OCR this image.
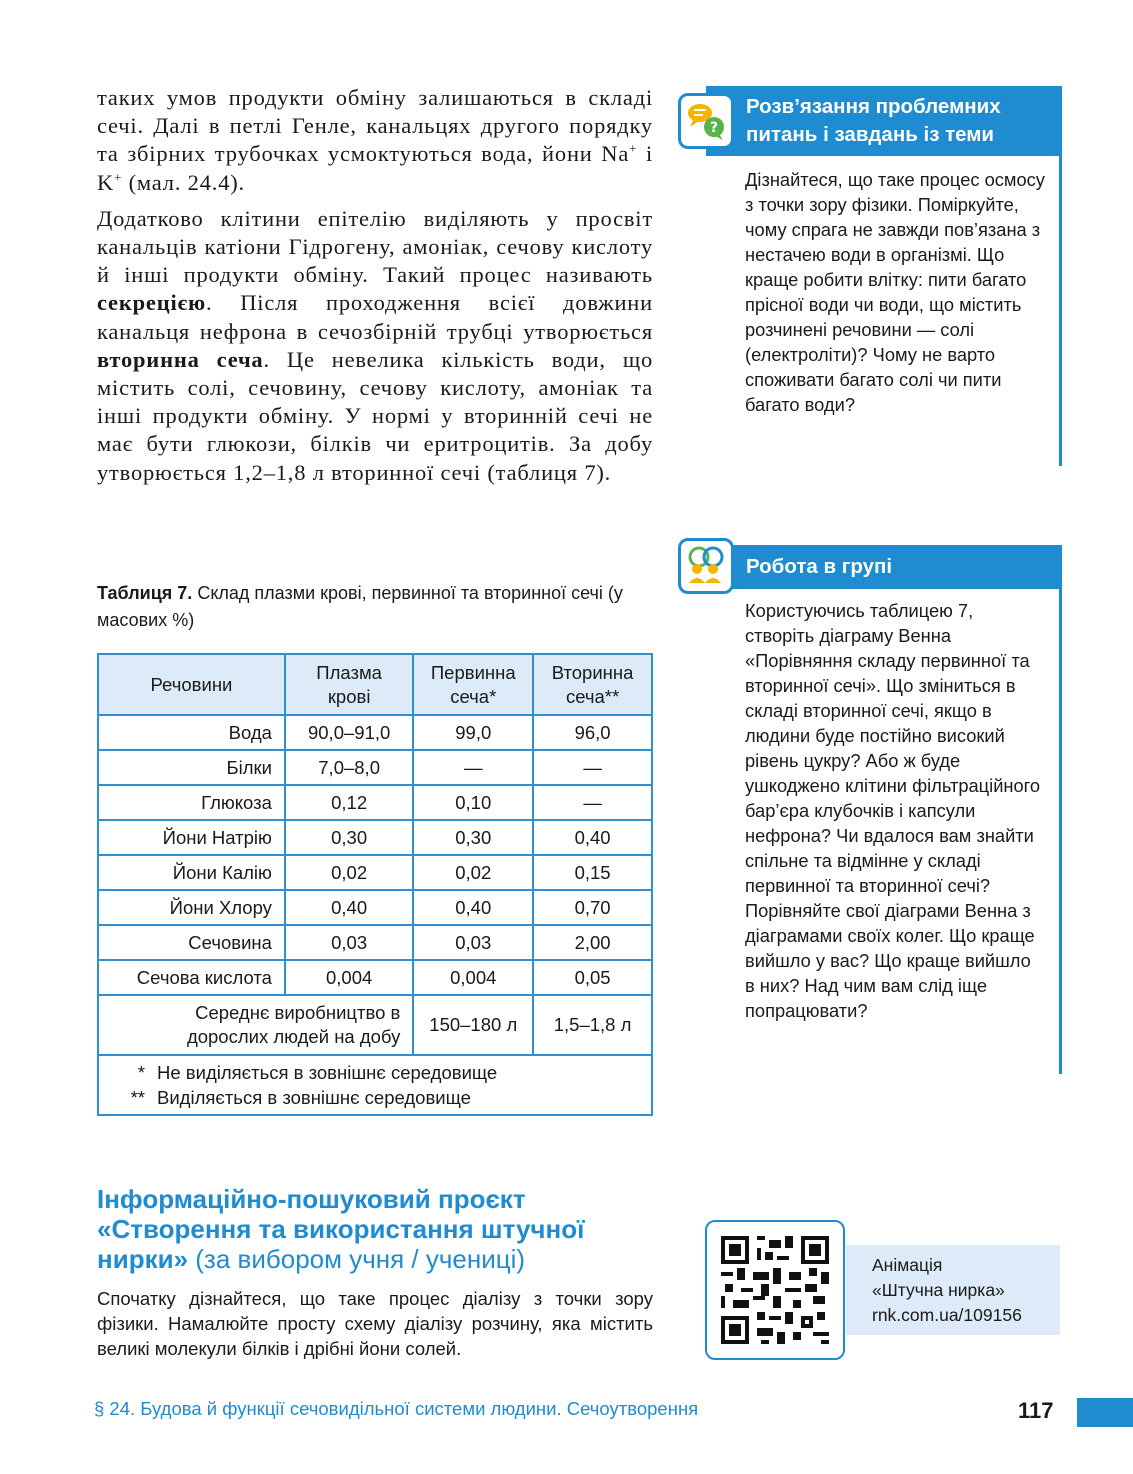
таких умов продукти обміну залишаються в складі сечі. Далі в петлі Генле, канальцях другого порядку та збірних трубочках усмоктуються вода, йони Na+ і K+ (мал. 24.4).

Додатково клітини епітелію виділяють у просвіт канальців катіони Гідрогену, амоніак, сечову кислоту й інші продукти обміну. Такий процес називають секрецією. Після проходження всієї довжини канальця нефрона в сечозбірній трубці утворюється вторинна сеча. Це невелика кількість води, що містить солі, сечовину, сечову кислоту, амоніак та інші продукти обміну. У нормі у вторинній сечі не має бути глюкози, білків чи еритроцитів. За добу утворюється 1,2–1,8 л вторинної сечі (таблиця 7).

Таблиця 7. Склад плазми крові, первинної та вторинної сечі (у масових %)
Речовини	Плазма крові	Первинна сеча*	Вторинна сеча**
Вода	90,0–91,0	99,0	96,0
Білки	7,0–8,0	—	—
Глюкоза	0,12	0,10	—
Йони Натрію	0,30	0,30	0,40
Йони Калію	0,02	0,02	0,15
Йони Хлору	0,40	0,40	0,70
Сечовина	0,03	0,03	2,00
Сечова кислота	0,004	0,004	0,05
Середнє виробництво в дорослих людей на добу		150–180 л	1,5–1,8 л

* Не виділяється в зовнішнє середовище
** Виділяється в зовнішнє середовище			
Розв’язання проблемних питань і завдань із теми
?
Дізнайтеся, що таке процес осмосу з точки зору фізики. Поміркуйте, чому спрага не завжди пов’язана з нестачею води в організмі. Що краще робити влітку: пити багато прісної води чи води, що містить розчинені речовини — солі (електроліти)? Чому не варто споживати багато солі чи пити багато води?
Робота в групі
Користуючись таблицею 7, створіть діаграму Венна «Порівняння складу первинної та вторинної сечі». Що зміниться в складі вторинної сечі, якщо в людини буде постійно високий рівень цукру? Або ж буде ушкоджено клітини фільтраційного бар’єра клубочків і капсули нефрона? Чи вдалося вам знайти спільне та відмінне у складі первинної та вторинної сечі? Порівняйте свої діаграми Венна з діаграмами своїх колег. Що краще вийшло у вас? Що краще вийшло в них? Над чим вам слід іще попрацювати?
Інформаційно-пошуковий проєкт «Створення та використання штучної нирки» (за вибором учня / учениці)
Спочатку дізнайтеся, що таке процес діалізу з точки зору фізики. Намалюйте просту схему діалізу розчину, яка містить великі молекули білків і дрібні йони солей.
Анімація
«Штучна нирка»
rnk.com.ua/109156
§ 24. Будова й функції сечовидільної системи людини. Сечоутворення	117
